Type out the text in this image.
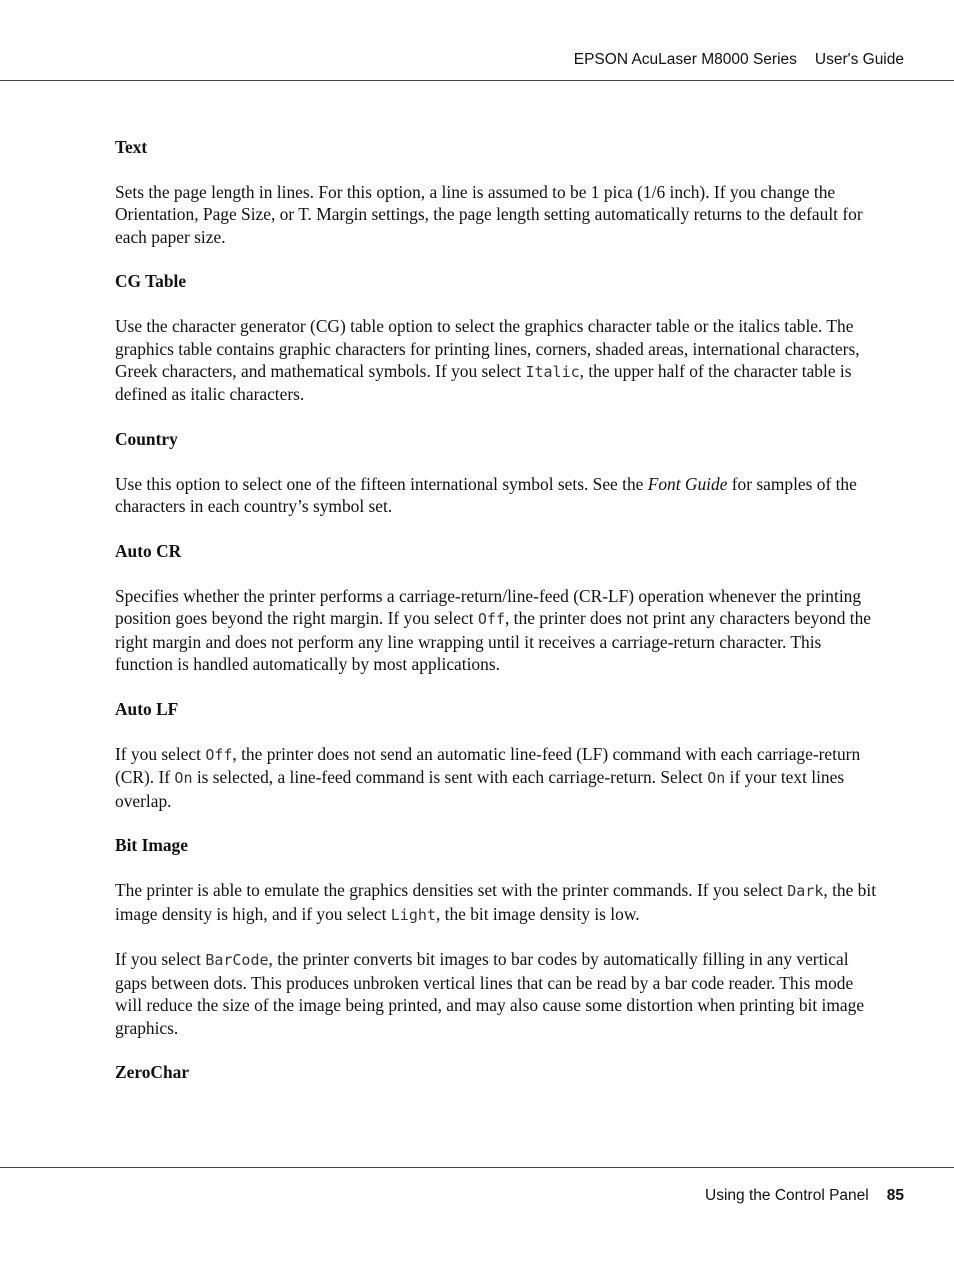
EPSON AcuLaser M8000 Series User's Guide
Text

Sets the page length in lines. For this option, a line is assumed to be 1 pica (1/6 inch). If you change the Orientation, Page Size, or T. Margin settings, the page length setting automatically returns to the default for each paper size.

CG Table

Use the character generator (CG) table option to select the graphics character table or the italics table. The graphics table contains graphic characters for printing lines, corners, shaded areas, international characters, Greek characters, and mathematical symbols. If you select Italic, the upper half of the character table is defined as italic characters.

Country

Use this option to select one of the fifteen international symbol sets. See the Font Guide for samples of the characters in each country’s symbol set.

Auto CR

Specifies whether the printer performs a carriage-return/line-feed (CR-LF) operation whenever the printing position goes beyond the right margin. If you select Off, the printer does not print any characters beyond the right margin and does not perform any line wrapping until it receives a carriage-return character. This function is handled automatically by most applications.

Auto LF

If you select Off, the printer does not send an automatic line-feed (LF) command with each carriage-return (CR). If On is selected, a line-feed command is sent with each carriage-return. Select On if your text lines overlap.

Bit Image

The printer is able to emulate the graphics densities set with the printer commands. If you select Dark, the bit image density is high, and if you select Light, the bit image density is low.

If you select BarCode, the printer converts bit images to bar codes by automatically filling in any vertical gaps between dots. This produces unbroken vertical lines that can be read by a bar code reader. This mode will reduce the size of the image being printed, and may also cause some distortion when printing bit image graphics.

ZeroChar
Using the Control Panel 85
